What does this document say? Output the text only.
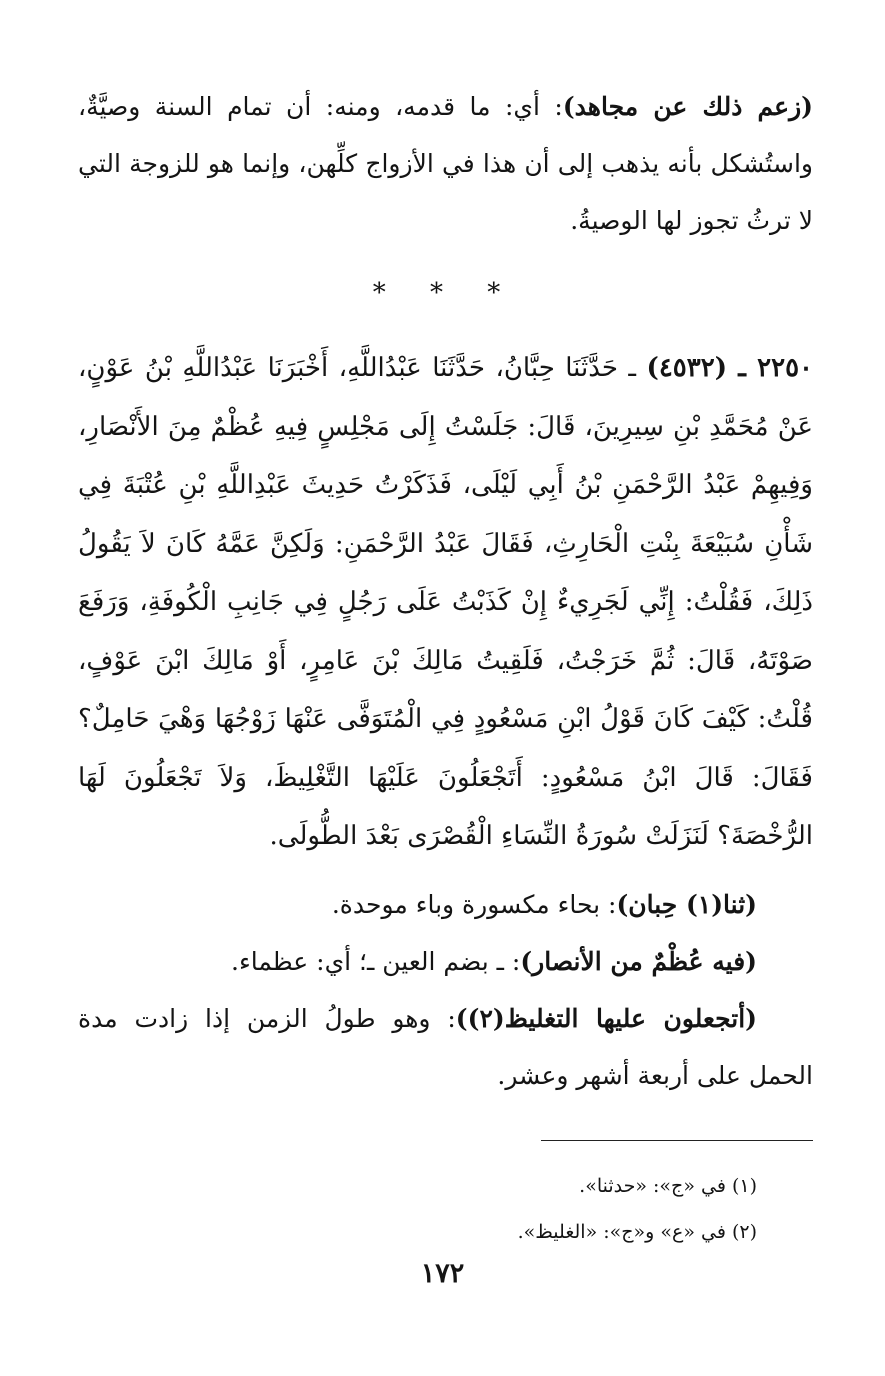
(زعم ذلك عن مجاهد): أي: ما قدمه، ومنه: أن تمام السنة وصيَّةٌ، واستُشكل بأنه يذهب إلى أن هذا في الأزواج كلِّهن، وإنما هو للزوجة التي لا ترثُ تجوز لها الوصيةُ.

* * *

٢٢٥٠ ـ (٤٥٣٢) ـ حَدَّثَنَا حِبَّانُ، حَدَّثَنَا عَبْدُاللَّهِ، أَخْبَرَنَا عَبْدُاللَّهِ بْنُ عَوْنٍ، عَنْ مُحَمَّدِ بْنِ سِيرِينَ، قَالَ: جَلَسْتُ إِلَى مَجْلِسٍ فِيهِ عُظْمٌ مِنَ الأَنْصَارِ، وَفِيهِمْ عَبْدُ الرَّحْمَنِ بْنُ أَبِي لَيْلَى، فَذَكَرْتُ حَدِيثَ عَبْدِاللَّهِ بْنِ عُتْبَةَ فِي شَأْنِ سُبَيْعَةَ بِنْتِ الْحَارِثِ، فَقَالَ عَبْدُ الرَّحْمَنِ: وَلَكِنَّ عَمَّهُ كَانَ لاَ يَقُولُ ذَلِكَ، فَقُلْتُ: إِنِّي لَجَرِيءٌ إِنْ كَذَبْتُ عَلَى رَجُلٍ فِي جَانِبِ الْكُوفَةِ، وَرَفَعَ صَوْتَهُ، قَالَ: ثُمَّ خَرَجْتُ، فَلَقِيتُ مَالِكَ بْنَ عَامِرٍ، أَوْ مَالِكَ ابْنَ عَوْفٍ، قُلْتُ: كَيْفَ كَانَ قَوْلُ ابْنِ مَسْعُودٍ فِي الْمُتَوَفَّى عَنْهَا زَوْجُهَا وَهْيَ حَامِلٌ؟ فَقَالَ: قَالَ ابْنُ مَسْعُودٍ: أَتَجْعَلُونَ عَلَيْهَا التَّغْلِيظَ، وَلاَ تَجْعَلُونَ لَهَا الرُّخْصَةَ؟ لَنَزَلَتْ سُورَةُ النِّسَاءِ الْقُصْرَى بَعْدَ الطُّولَى.

(ثنا(١) حِبان): بحاء مكسورة وباء موحدة.

(فيه عُظْمٌ من الأنصار): ـ بضم العين ـ؛ أي: عظماء.

(أتجعلون عليها التغليظ(٢)): وهو طولُ الزمن إذا زادت مدة الحمل على أربعة أشهر وعشر.

(١) في «ج»: «حدثنا».

(٢) في «ع» و«ج»: «الغليظ».

١٧٢
